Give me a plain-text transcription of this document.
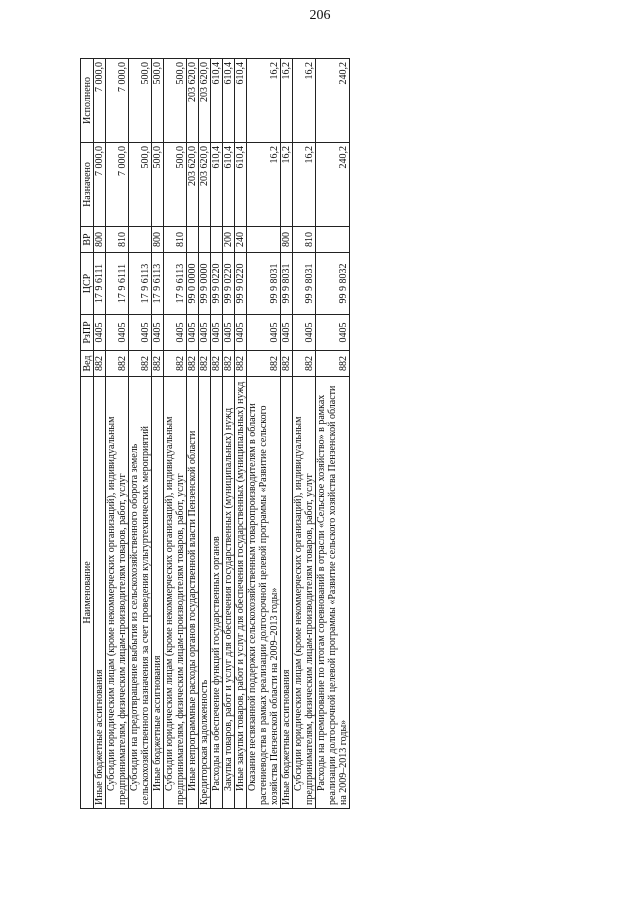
206
Наименование	Вед	РзПР	ЦСР	ВР	Назначено	Исполнено
Иные бюджетные ассигнования	882	0405	17 9 6111	800	7 000,0	7 000,0
Субсидии юридическим лицам (кроме некоммерческих организаций), индивидуальным предпринимателям, физическим лицам-производителям товаров, работ, услуг	882	0405	17 9 6111	810	7 000,0	7 000,0
Субсидии на предотвращение выбытия из сельскохозяйственного оборота земель сельскохозяйственного назначения за счет проведения культуртехнических мероприятий	882	0405	17 9 6113		500,0	500,0
Иные бюджетные ассигнования	882	0405	17 9 6113	800	500,0	500,0
Субсидии юридическим лицам (кроме некоммерческих организаций), индивидуальным предпринимателям, физическим лицам-производителям товаров, работ, услуг	882	0405	17 9 6113	810	500,0	500,0
Иные непрограммные расходы органов государственной власти Пензенской области	882	0405	99 0 0000		203 620,0	203 620,0
Кредиторская задолженность	882	0405	99 9 0000		203 620,0	203 620,0
Расходы на обеспечение функций государственных органов	882	0405	99 9 0220		610,4	610,4
Закупка товаров, работ и услуг для обеспечения государственных (муниципальных) нужд	882	0405	99 9 0220	200	610,4	610,4
Иные закупки товаров, работ и услуг для обеспечения государственных (муниципальных) нужд	882	0405	99 9 0220	240	610,4	610,4
Оказание несвязанной поддержки сельскохозяйственным товаропроизводителям в области растениеводства в рамках реализации долгосрочной целевой программы «Развитие сельского хозяйства Пензенской области на 2009–2013 годы»	882	0405	99 9 8031		16,2	16,2
Иные бюджетные ассигнования	882	0405	99 9 8031	800	16,2	16,2
Субсидии юридическим лицам (кроме некоммерческих организаций), индивидуальным предпринимателям, физическим лицам-производителям товаров, работ, услуг	882	0405	99 9 8031	810	16,2	16,2
Расходы на премирование по итогам соревнований в отрасли «Сельское хозяйство» в рамках реализации долгосрочной целевой программы «Развитие сельского хозяйства Пензенской области на 2009–2013 годы»	882	0405	99 9 8032		240,2	240,2
